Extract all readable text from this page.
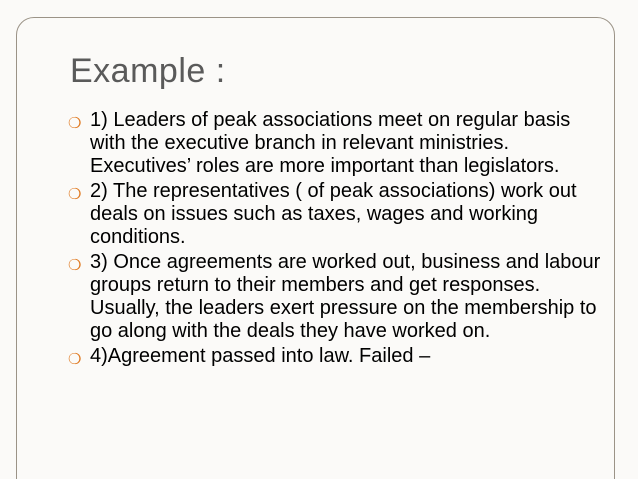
Example :
❍ 1) Leaders of peak associations meet on regular basis with the executive branch in relevant ministries. Executives’ roles are more important than legislators.
❍ 2) The representatives ( of peak associations) work out deals on issues such as taxes, wages and working conditions.
❍ 3) Once agreements are worked out, business and labour groups return to their members and get responses. Usually, the leaders exert pressure on the membership to go along with the deals they have worked on.
❍ 4)Agreement passed into law. Failed –
